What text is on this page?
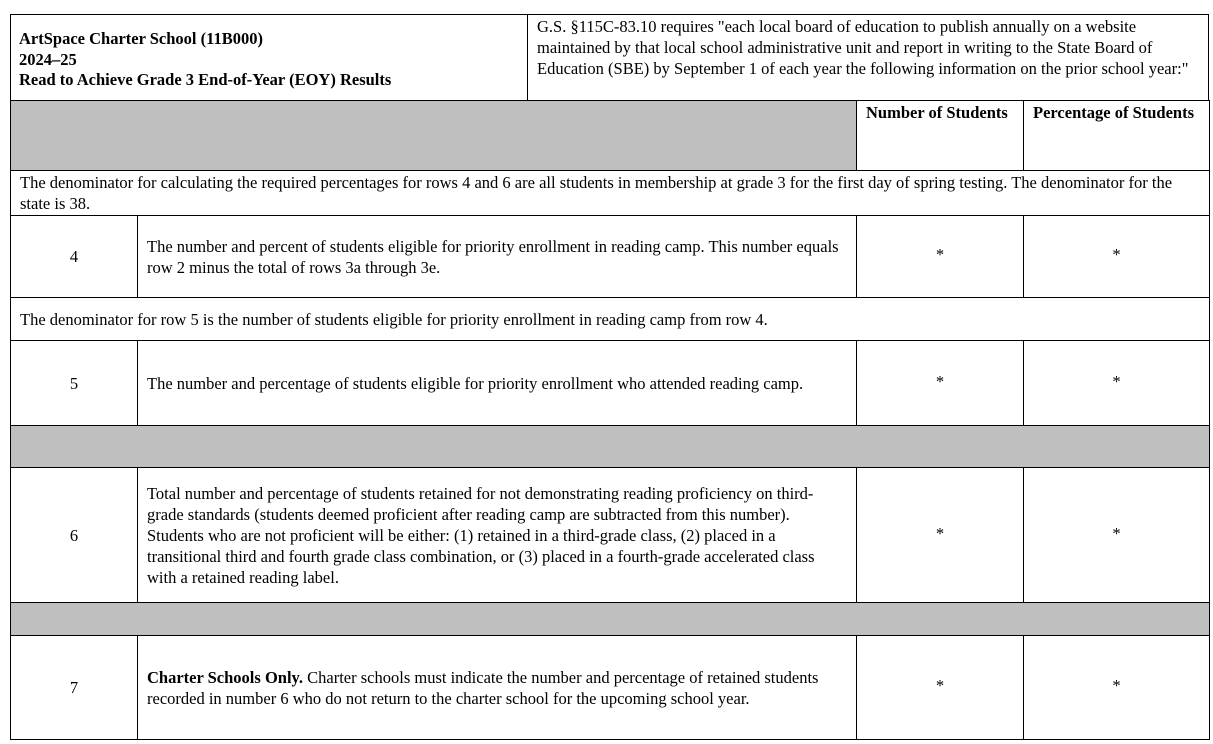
ArtSpace Charter School (11B000)
2024–25
Read to Achieve Grade 3 End-of-Year (EOY) Results
G.S. §115C-83.10 requires "each local board of education to publish annually on a website maintained by that local school administrative unit and report in writing to the State Board of Education (SBE) by September 1 of each year the following information on the prior school year:"
		Number of Students	Percentage of Students
The denominator for calculating the required percentages for rows 4 and 6 are all students in membership at grade 3 for the first day of spring testing. The denominator for the state is 38.			
4	The number and percent of students eligible for priority enrollment in reading camp. This number equals row 2 minus the total of rows 3a through 3e.	*	*
The denominator for row 5 is the number of students eligible for priority enrollment in reading camp from row 4.			
5	The number and percentage of students eligible for priority enrollment who attended reading camp.	*	*

6	Total number and percentage of students retained for not demonstrating reading proficiency on third-grade standards (students deemed proficient after reading camp are subtracted from this number). Students who are not proficient will be either: (1) retained in a third-grade class, (2) placed in a transitional third and fourth grade class combination, or (3) placed in a fourth-grade accelerated class with a retained reading label.	*	*

7	Charter Schools Only. Charter schools must indicate the number and percentage of retained students recorded in number 6 who do not return to the charter school for the upcoming school year.	*	*
